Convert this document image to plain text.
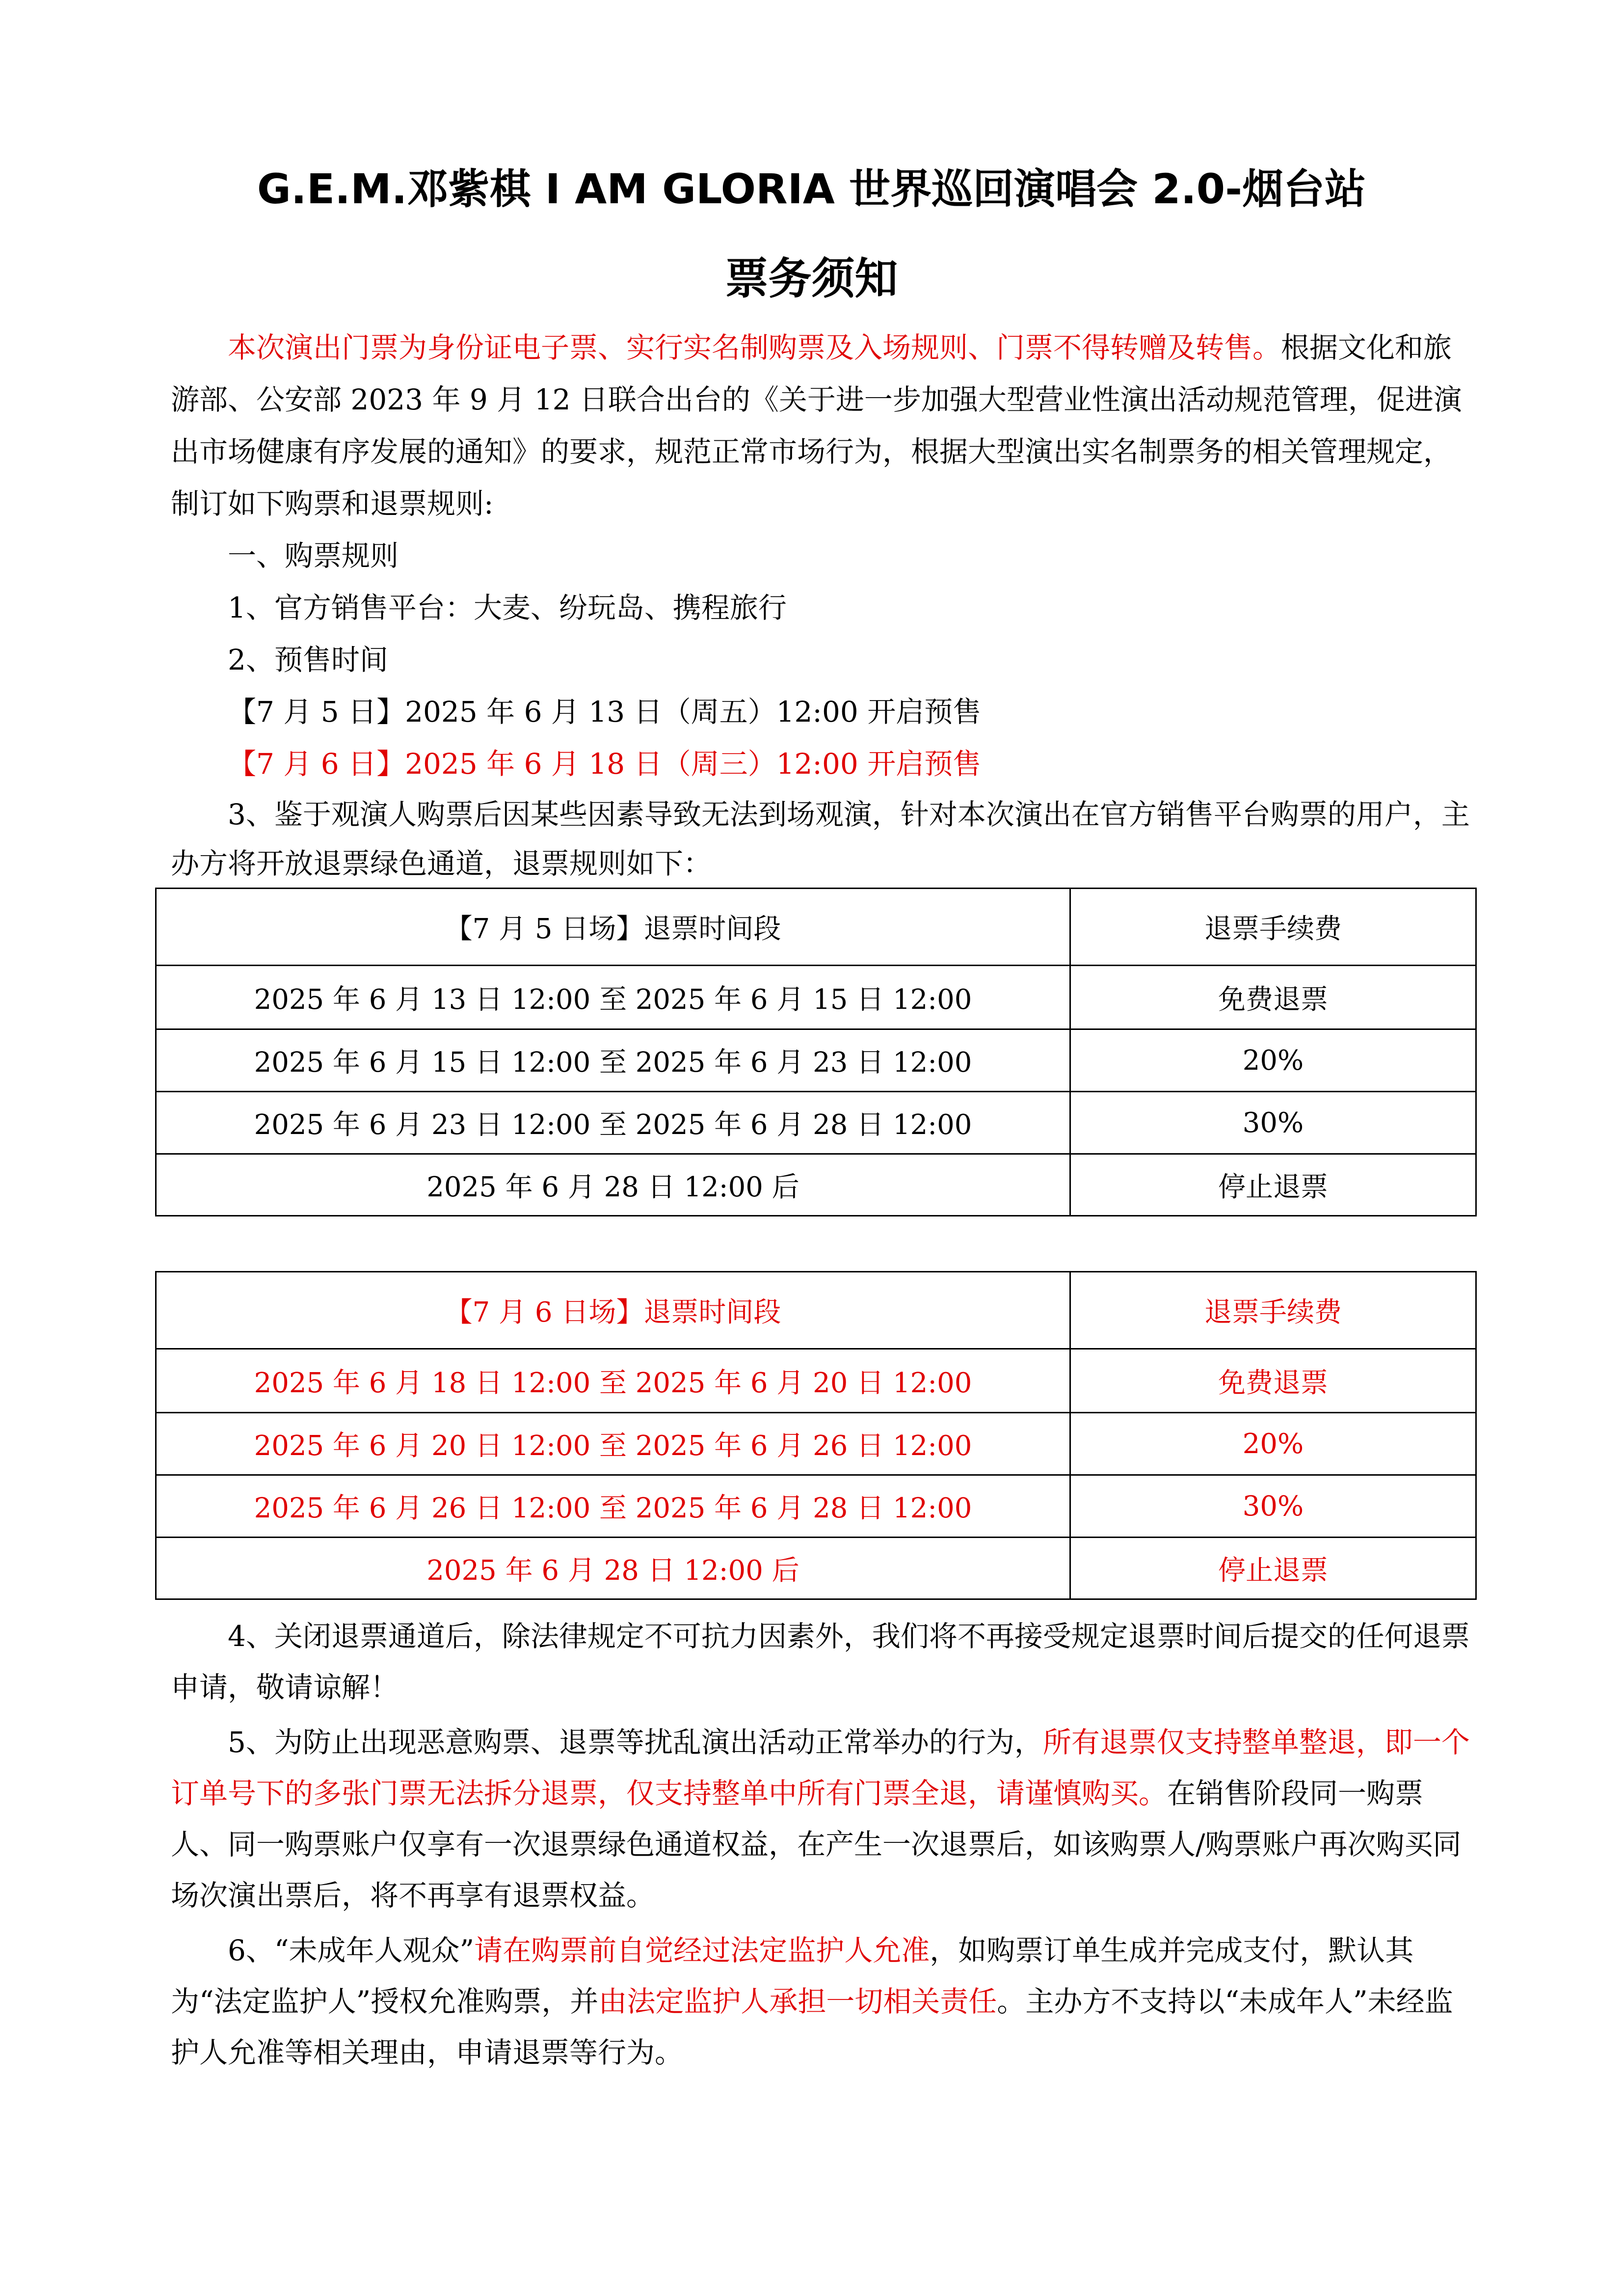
G.E.M.邓紫棋 I AM GLORIA 世界巡回演唱会 2.0-烟台站
票务须知

本次演出门票为身份证电子票、实行实名制购票及入场规则、门票不得转赠及转售。根据文化和旅游部、公安部 2023 年 9 月 12 日联合出台的《关于进一步加强大型营业性演出活动规范管理，促进演出市场健康有序发展的通知》的要求，规范正常市场行为，根据大型演出实名制票务的相关管理规定，制订如下购票和退票规则:

一、购票规则

1、官方销售平台：大麦、纷玩岛、携程旅行

2、预售时间

【7 月 5 日】2025 年 6 月 13 日（周五）12:00 开启预售

【7 月 6 日】2025 年 6 月 18 日（周三）12:00 开启预售

3、鉴于观演人购票后因某些因素导致无法到场观演，针对本次演出在官方销售平台购票的用户，主办方将开放退票绿色通道，退票规则如下：

【7 月 5 日场】退票时间段	退票手续费
2025 年 6 月 13 日 12:00 至 2025 年 6 月 15 日 12:00	免费退票
2025 年 6 月 15 日 12:00 至 2025 年 6 月 23 日 12:00	20%
2025 年 6 月 23 日 12:00 至 2025 年 6 月 28 日 12:00	30%
2025 年 6 月 28 日 12:00 后	停止退票
【7 月 6 日场】退票时间段	退票手续费
2025 年 6 月 18 日 12:00 至 2025 年 6 月 20 日 12:00	免费退票
2025 年 6 月 20 日 12:00 至 2025 年 6 月 26 日 12:00	20%
2025 年 6 月 26 日 12:00 至 2025 年 6 月 28 日 12:00	30%
2025 年 6 月 28 日 12:00 后	停止退票

4、关闭退票通道后，除法律规定不可抗力因素外，我们将不再接受规定退票时间后提交的任何退票申请，敬请谅解！

5、为防止出现恶意购票、退票等扰乱演出活动正常举办的行为，所有退票仅支持整单整退，即一个订单号下的多张门票无法拆分退票，仅支持整单中所有门票全退，请谨慎购买。在销售阶段同一购票人、同一购票账户仅享有一次退票绿色通道权益，在产生一次退票后，如该购票人/购票账户再次购买同场次演出票后，将不再享有退票权益。

6、“未成年人观众”请在购票前自觉经过法定监护人允准，如购票订单生成并完成支付，默认其为“法定监护人”授权允准购票，并由法定监护人承担一切相关责任。主办方不支持以“未成年人”未经监护人允准等相关理由，申请退票等行为。
